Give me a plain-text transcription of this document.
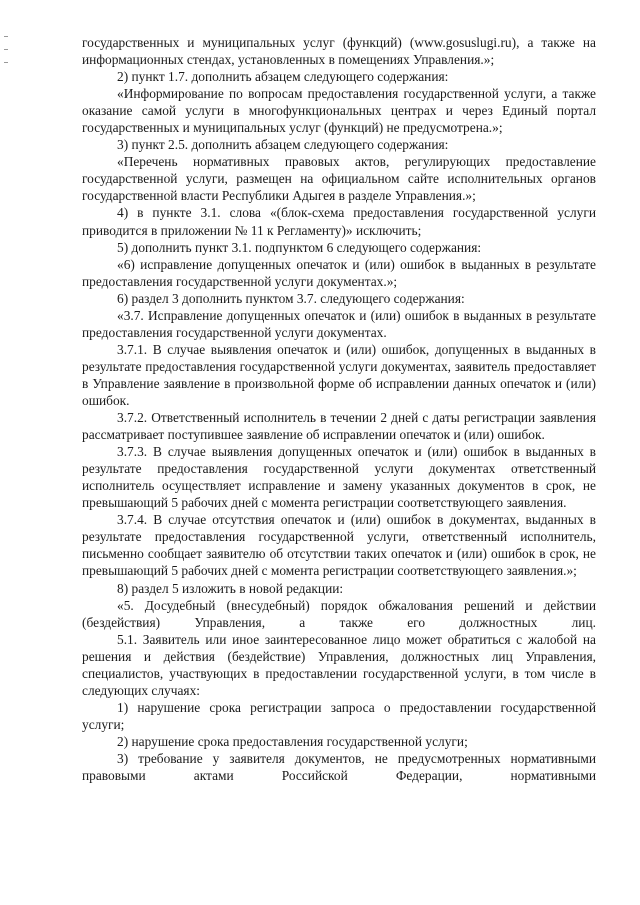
государственных и муниципальных услуг (функций) (www.gosuslugi.ru), а также на информационных стендах, установленных в помещениях Управления.»;

2) пункт 1.7. дополнить абзацем следующего содержания:

«Информирование по вопросам предоставления государственной услуги, а также оказание самой услуги в многофункциональных центрах и через Единый портал государственных и муниципальных услуг (функций) не предусмотрена.»;

3) пункт 2.5. дополнить абзацем следующего содержания:

«Перечень нормативных правовых актов, регулирующих предоставление государственной услуги, размещен на официальном сайте исполнительных органов государственной власти Республики Адыгея в разделе Управления.»;

4) в пункте 3.1. слова «(блок-схема предоставления государственной услуги приводится в приложении № 11 к Регламенту)» исключить;

5) дополнить пункт 3.1. подпунктом 6 следующего содержания:

«6) исправление допущенных опечаток и (или) ошибок в выданных в результате предоставления государственной услуги документах.»;

6) раздел 3 дополнить пунктом 3.7. следующего содержания:

«3.7. Исправление допущенных опечаток и (или) ошибок в выданных в результате предоставления государственной услуги документах.

3.7.1. В случае выявления опечаток и (или) ошибок, допущенных в выданных в результате предоставления государственной услуги документах, заявитель предоставляет в Управление заявление в произвольной форме об исправлении данных опечаток и (или) ошибок.

3.7.2. Ответственный исполнитель в течении 2 дней с даты регистрации заявления рассматривает поступившее заявление об исправлении опечаток и (или) ошибок.

3.7.3. В случае выявления допущенных опечаток и (или) ошибок в выданных в результате предоставления государственной услуги документах ответственный исполнитель осуществляет исправление и замену указанных документов в срок, не превышающий 5 рабочих дней с момента регистрации соответствующего заявления.

3.7.4. В случае отсутствия опечаток и (или) ошибок в документах, выданных в результате предоставления государственной услуги, ответственный исполнитель, письменно сообщает заявителю об отсутствии таких опечаток и (или) ошибок в срок, не превышающий 5 рабочих дней с момента регистрации соответствующего заявления.»;

8) раздел 5 изложить в новой редакции:

«5. Досудебный (внесудебный) порядок обжалования решений и действии (бездействия) Управления, а также его должностных лиц.

5.1. Заявитель или иное заинтересованное лицо может обратиться с жалобой на решения и действия (бездействие) Управления, должностных лиц Управления, специалистов, участвующих в предоставлении государственной услуги, в том числе в следующих случаях:

1) нарушение срока регистрации запроса о предоставлении государственной услуги;

2) нарушение срока предоставления государственной услуги;

3) требование у заявителя документов, не предусмотренных нормативными правовыми актами Российской Федерации, нормативными
